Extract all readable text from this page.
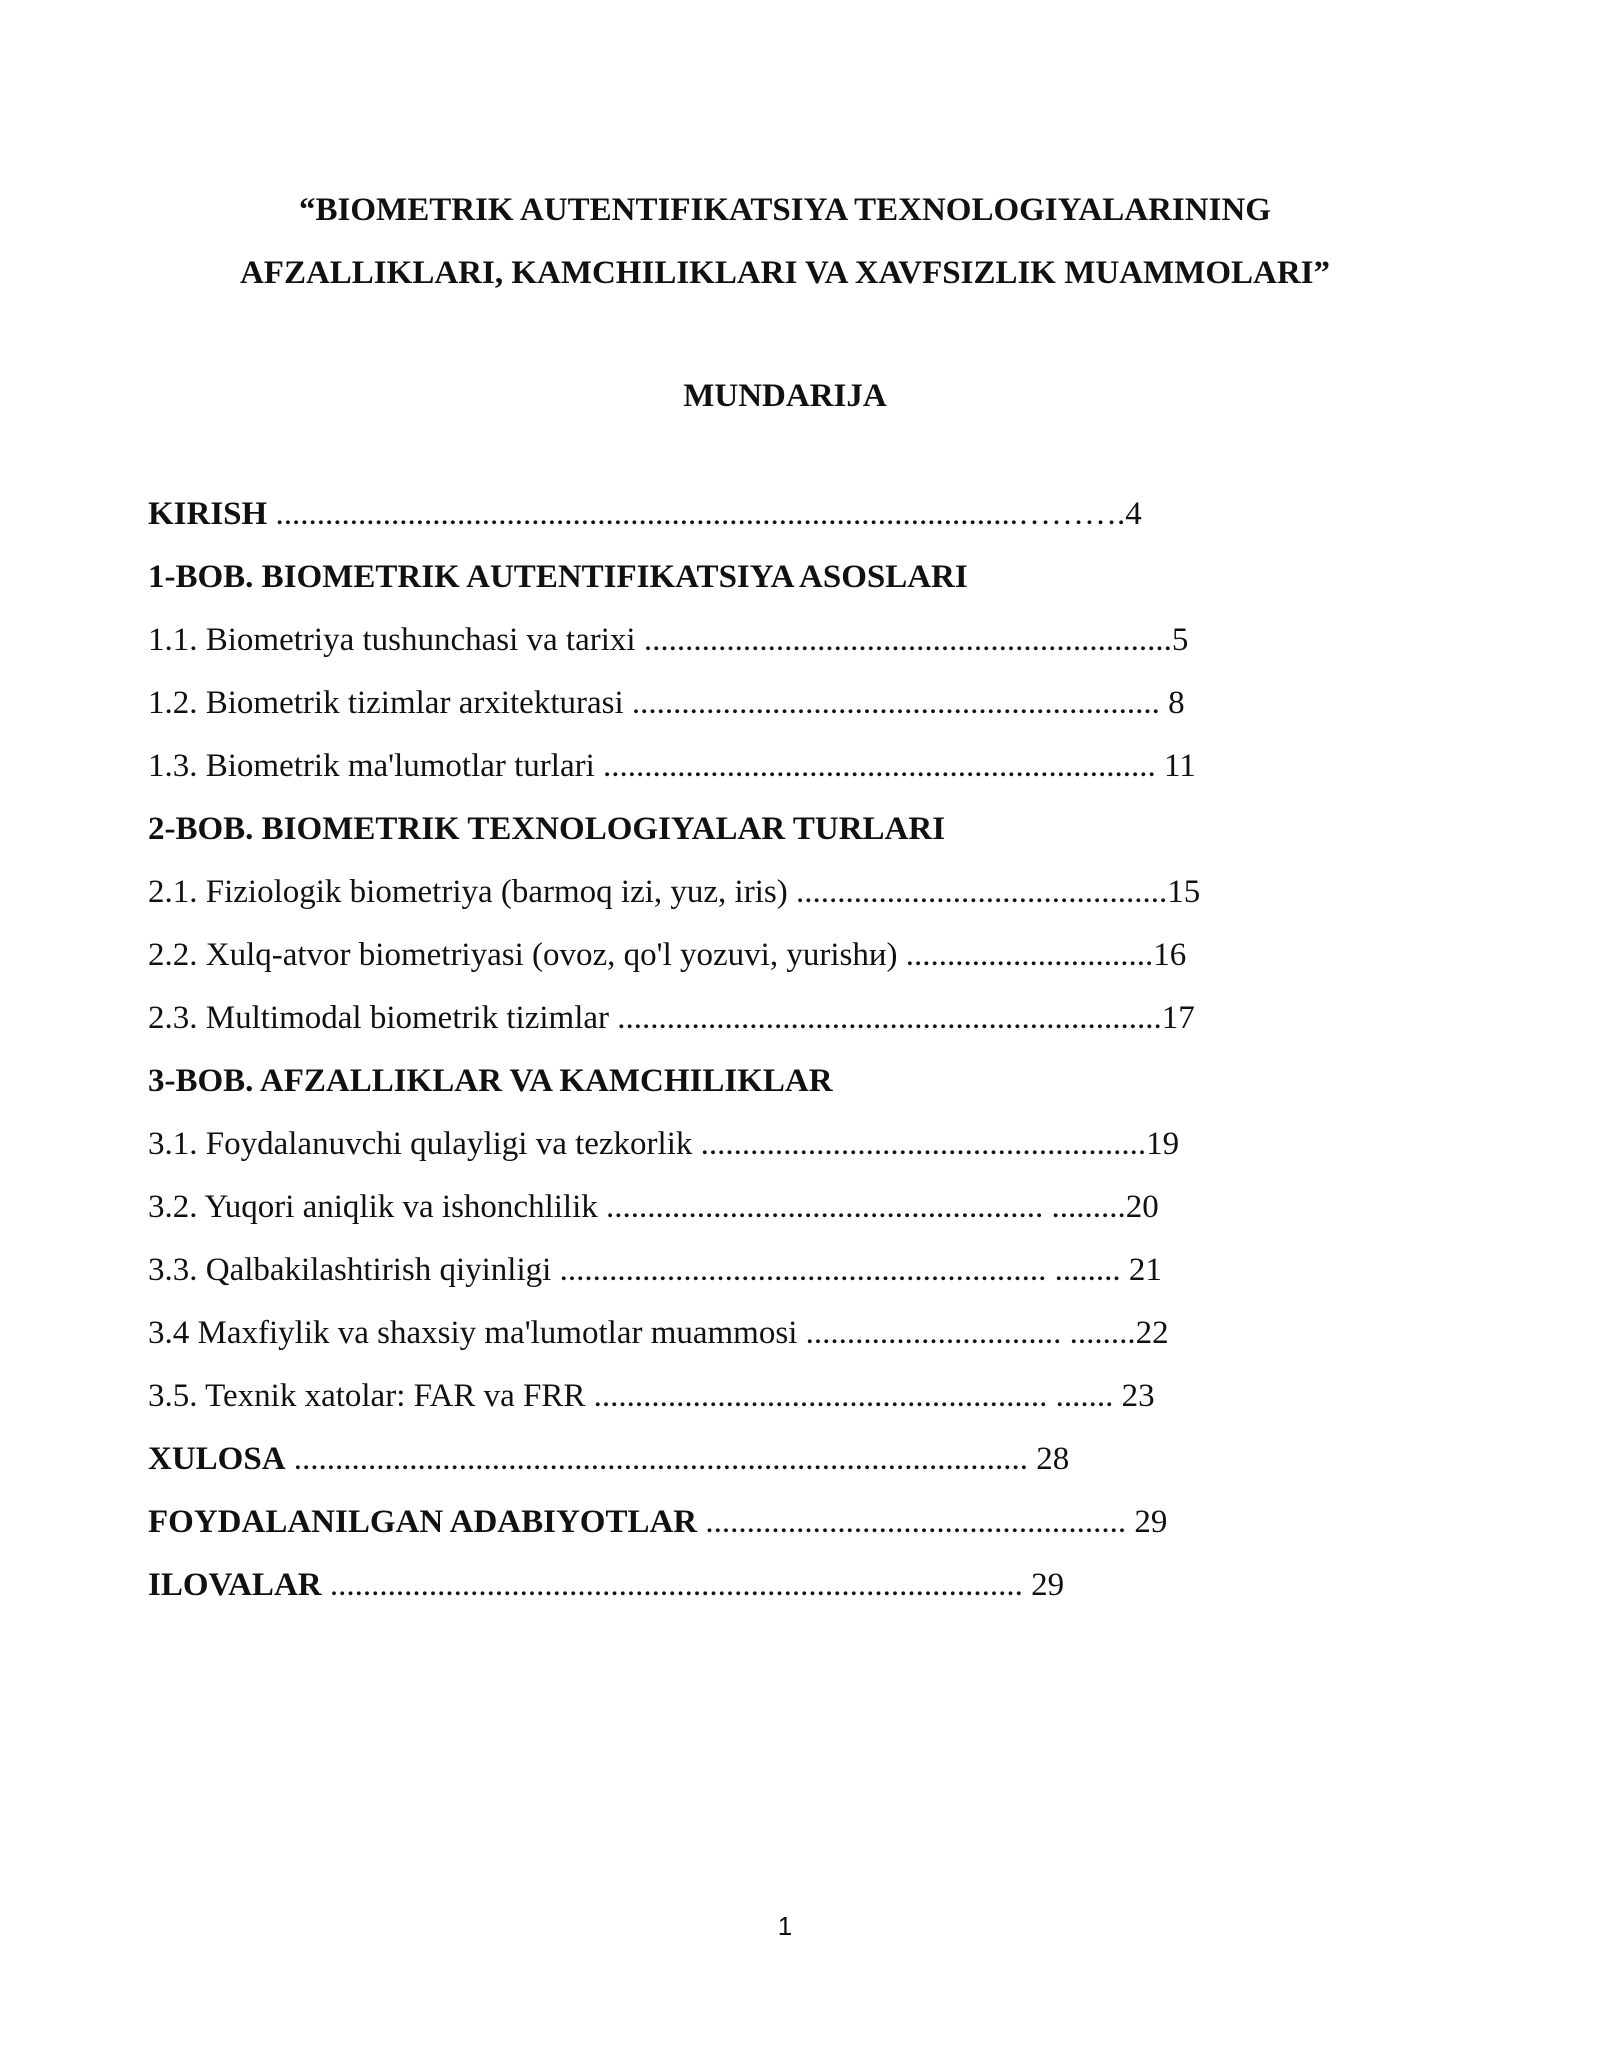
“BIOMETRIK AUTENTIFIKATSIYA TEXNOLOGIYALARINING
AFZALLIKLARI, KAMCHILIKLARI VA XAVFSIZLIK MUAMMOLARI”
MUNDARIJA
KIRISH ..........................................................................................……….4
1-BOB. BIOMETRIK AUTENTIFIKATSIYA ASOSLARI
1.1. Biometriya tushunchasi va tarixi ................................................................5
1.2. Biometrik tizimlar arxitekturasi ................................................................ 8
1.3. Biometrik ma'lumotlar turlari ................................................................... 11
2-BOB. BIOMETRIK TEXNOLOGIYALAR TURLARI
2.1. Fiziologik biometriya (barmoq izi, yuz, iris) .............................................15
2.2. Xulq-atvor biometriyasi (ovoz, qo'l yozuvi, yurishи) ..............................16
2.3. Multimodal biometrik tizimlar ..................................................................17
3-BOB. AFZALLIKLAR VA KAMCHILIKLAR
3.1. Foydalanuvchi qulayligi va tezkorlik ......................................................19
3.2. Yuqori aniqlik va ishonchlilik ..................................................... .........20
3.3. Qalbakilashtirish qiyinligi ........................................................... ........ 21
3.4 Maxfiylik va shaxsiy ma'lumotlar muammosi ............................... ........22
3.5. Texnik xatolar: FAR va FRR ....................................................... ....... 23
XULOSA ......................................................................................... 28
FOYDALANILGAN ADABIYOTLAR ................................................... 29
ILOVALAR .................................................................................... 29
1
